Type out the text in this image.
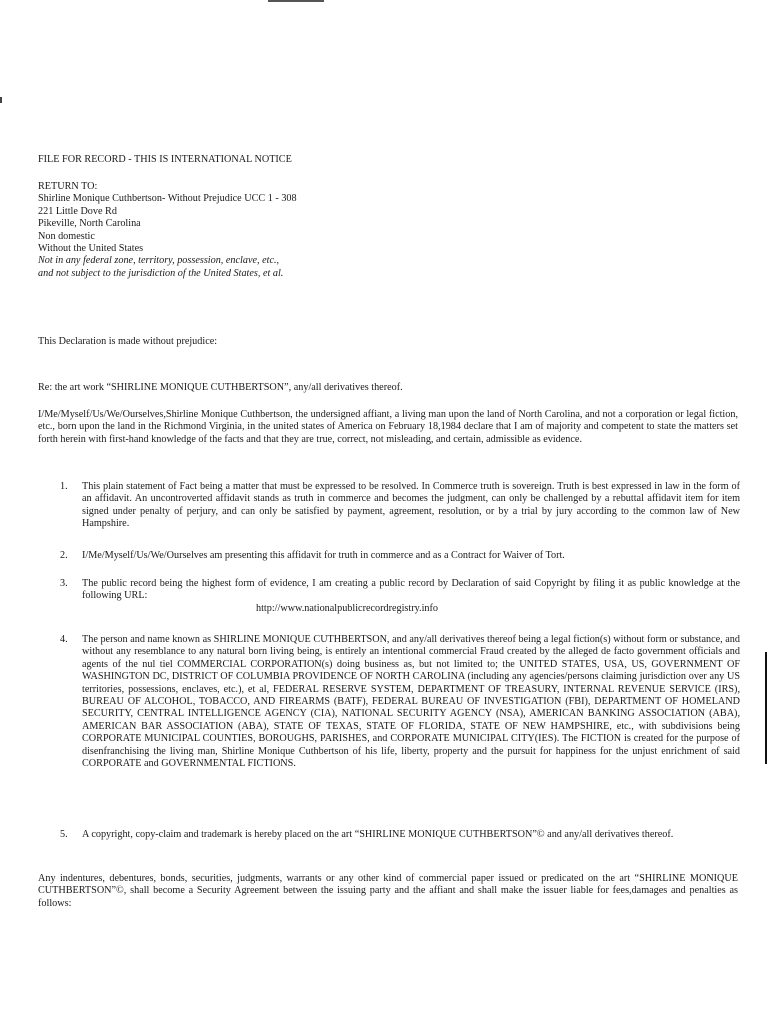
FILE FOR RECORD - THIS IS INTERNATIONAL NOTICE
RETURN TO:
Shirline Monique Cuthbertson- Without Prejudice UCC 1 - 308
221 Little Dove Rd
Pikeville, North Carolina
Non domestic
Without the United States
Not in any federal zone, territory, possession, enclave, etc.,
and not subject to the jurisdiction of the United States, et al.
This Declaration is made without prejudice:
Re: the art work “SHIRLINE MONIQUE CUTHBERTSON”, any/all derivatives thereof.
I/Me/Myself/Us/We/Ourselves,Shirline Monique Cuthbertson, the undersigned affiant, a living man upon the land of North Carolina, and not a corporation or legal fiction, etc., born upon the land in the Richmond Virginia, in the united states of America on February 18,1984 declare that I am of majority and competent to state the matters set forth herein with first-hand knowledge of the facts and that they are true, correct, not misleading, and certain, admissible as evidence.
1.	This plain statement of Fact being a matter that must be expressed to be resolved. In Commerce truth is sovereign. Truth is best expressed in law in the form of an affidavit. An uncontroverted affidavit stands as truth in commerce and becomes the judgment, can only be challenged by a rebuttal affidavit item for item signed under penalty of perjury, and can only be satisfied by payment, agreement, resolution, or by a trial by jury according to the common law of New Hampshire.
2.	I/Me/Myself/Us/We/Ourselves am presenting this affidavit for truth in commerce and as a Contract for Waiver of Tort.
3.	The public record being the highest form of evidence, I am creating a public record by Declaration of said Copyright by filing it as public knowledge at the following URL:
http://www.nationalpublicrecordregistry.info
4.	The person and name known as SHIRLINE MONIQUE CUTHBERTSON, and any/all derivatives thereof being a legal fiction(s) without form or substance, and without any resemblance to any natural born living being, is entirely an intentional commercial Fraud created by the alleged de facto government officials and agents of the nul tiel COMMERCIAL CORPORATION(s) doing business as, but not limited to; the UNITED STATES, USA, US, GOVERNMENT OF WASHINGTON DC, DISTRICT OF COLUMBIA PROVIDENCE OF NORTH CAROLINA (including any agencies/persons claiming jurisdiction over any US territories, possessions, enclaves, etc.), et al, FEDERAL RESERVE SYSTEM, DEPARTMENT OF TREASURY, INTERNAL REVENUE SERVICE (IRS), BUREAU OF ALCOHOL, TOBACCO, AND FIREARMS (BATF), FEDERAL BUREAU OF INVESTIGATION (FBI), DEPARTMENT OF HOMELAND SECURITY, CENTRAL INTELLIGENCE AGENCY (CIA), NATIONAL SECURITY AGENCY (NSA), AMERICAN BANKING ASSOCIATION (ABA), AMERICAN BAR ASSOCIATION (ABA), STATE OF TEXAS, STATE OF FLORIDA, STATE OF NEW HAMPSHIRE, etc., with subdivisions being CORPORATE MUNICIPAL COUNTIES, BOROUGHS, PARISHES, and CORPORATE MUNICIPAL CITY(IES). The FICTION is created for the purpose of disenfranchising the living man, Shirline Monique Cuthbertson of his life, liberty, property and the pursuit for happiness for the unjust enrichment of said CORPORATE and GOVERNMENTAL FICTIONS.
5.	A copyright, copy-claim and trademark is hereby placed on the art “SHIRLINE MONIQUE CUTHBERTSON”© and any/all derivatives thereof.
Any indentures, debentures, bonds, securities, judgments, warrants or any other kind of commercial paper issued or predicated on the art “SHIRLINE MONIQUE CUTHBERTSON”©, shall become a Security Agreement between the issuing party and the affiant and shall make the issuer liable for fees,damages and penalties as follows:
